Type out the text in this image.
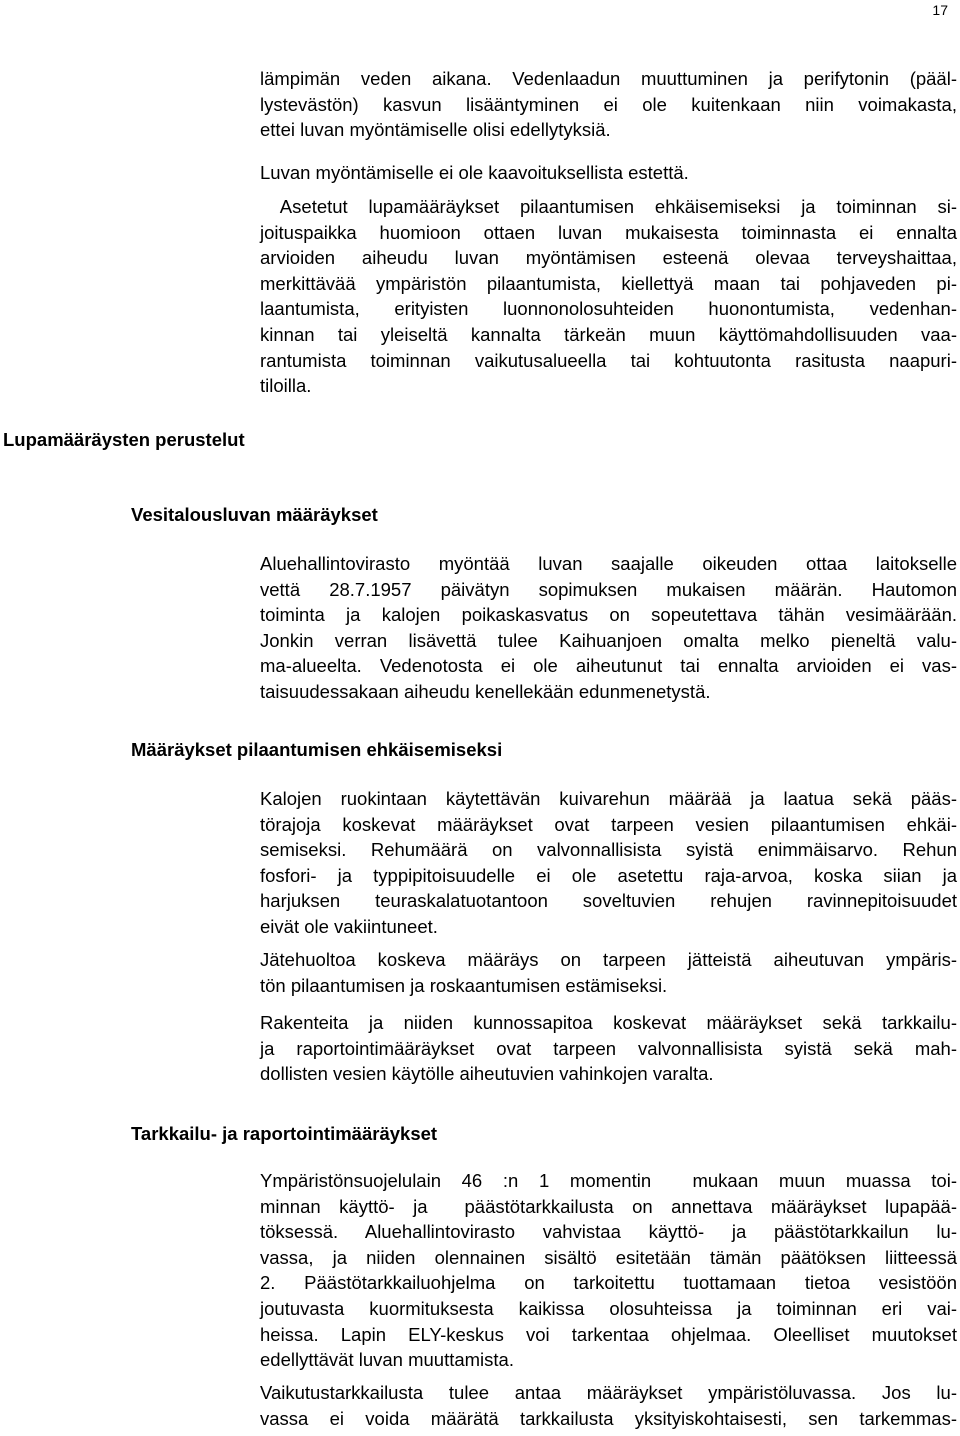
17

lämpimän veden aikana. Vedenlaadun muuttuminen ja perifytonin (pääl-
lystevästön) kasvun lisääntyminen ei ole kuitenkaan niin voimakasta,
ettei luvan myöntämiselle olisi edellytyksiä.

Luvan myöntämiselle ei ole kaavoituksellista estettä.

Asetetut lupamääräykset pilaantumisen ehkäisemiseksi ja toiminnan si-
joituspaikka huomioon ottaen luvan mukaisesta toiminnasta ei ennalta
arvioiden aiheudu luvan myöntämisen esteenä olevaa terveyshaittaa,
merkittävää ympäristön pilaantumista, kiellettyä maan tai pohjaveden pi-
laantumista, erityisten luonnonolosuhteiden huonontumista, vedenhan-
kinnan tai yleiseltä kannalta tärkeän muun käyttömahdollisuuden vaa-
rantumista toiminnan vaikutusalueella tai kohtuutonta rasitusta naapuri-
tiloilla.

Lupamääräysten perustelut
Vesitalousluvan määräykset

Aluehallintovirasto myöntää luvan saajalle oikeuden ottaa laitokselle
vettä 28.7.1957 päivätyn sopimuksen mukaisen määrän. Hautomon
toiminta ja kalojen poikaskasvatus on sopeutettava tähän vesimäärään.
Jonkin verran lisävettä tulee Kaihuanjoen omalta melko pieneltä valu-
ma-alueelta. Vedenotosta ei ole aiheutunut tai ennalta arvioiden ei vas-
taisuudessakaan aiheudu kenellekään edunmenetystä.

Määräykset pilaantumisen ehkäisemiseksi

Kalojen ruokintaan käytettävän kuivarehun määrää ja laatua sekä pääs-
törajoja koskevat määräykset ovat tarpeen vesien pilaantumisen ehkäi-
semiseksi. Rehumäärä on valvonnallisista syistä enimmäisarvo. Rehun
fosfori- ja typpipitoisuudelle ei ole asetettu raja-arvoa, koska siian ja
harjuksen teuraskalatuotantoon soveltuvien rehujen ravinnepitoisuudet
eivät ole vakiintuneet.

Jätehuoltoa koskeva määräys on tarpeen jätteistä aiheutuvan ympäris-
tön pilaantumisen ja roskaantumisen estämiseksi.

Rakenteita ja niiden kunnossapitoa koskevat määräykset sekä tarkkailu-
ja raportointimääräykset ovat tarpeen valvonnallisista syistä sekä mah-
dollisten vesien käytölle aiheutuvien vahinkojen varalta.

Tarkkailu- ja raportointimääräykset

Ympäristönsuojelulain 46 :n 1 momentin  mukaan muun muassa toi-
minnan käyttö- ja  päästötarkkailusta on annettava määräykset lupapää-
töksessä. Aluehallintovirasto vahvistaa käyttö- ja päästötarkkailun lu-
vassa, ja niiden olennainen sisältö esitetään tämän päätöksen liitteessä
2. Päästötarkkailuohjelma on tarkoitettu tuottamaan tietoa vesistöön
joutuvasta kuormituksesta kaikissa olosuhteissa ja toiminnan eri vai-
heissa. Lapin ELY-keskus voi tarkentaa ohjelmaa. Oleelliset muutokset
edellyttävät luvan muuttamista.

Vaikutustarkkailusta tulee antaa määräykset ympäristöluvassa. Jos lu-
vassa ei voida määrätä tarkkailusta yksityiskohtaisesti, sen tarkemmas-
